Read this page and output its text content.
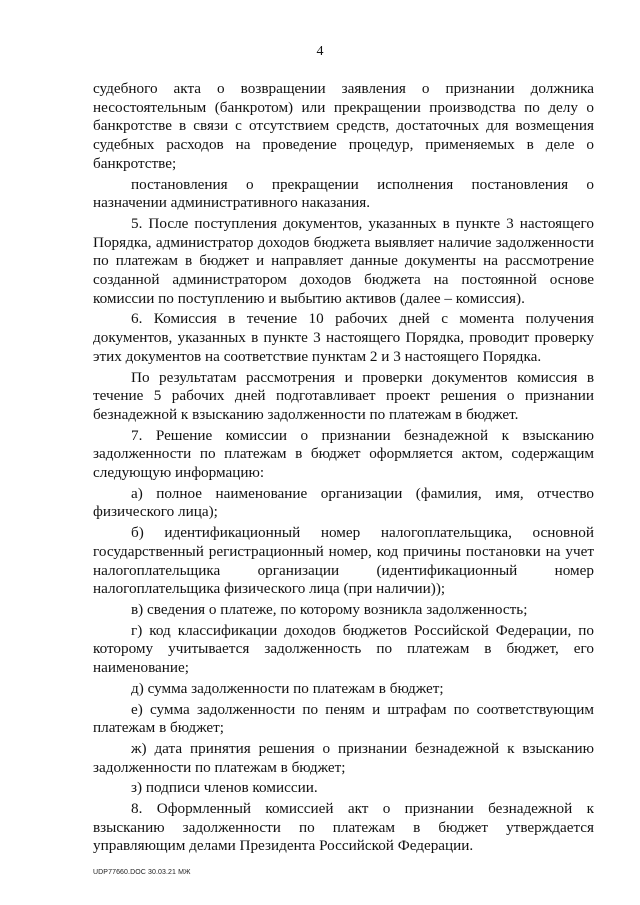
4

судебного акта о возвращении заявления о признании должника несостоятельным (банкротом) или прекращении производства по делу о банкротстве в связи с отсутствием средств, достаточных для возмещения судебных расходов на проведение процедур, применяемых в деле о банкротстве;

постановления о прекращении исполнения постановления о назначении административного наказания.

5. После поступления документов, указанных в пункте 3 настоящего Порядка, администратор доходов бюджета выявляет наличие задолженности по платежам в бюджет и направляет данные документы на рассмотрение созданной администратором доходов бюджета на постоянной основе комиссии по поступлению и выбытию активов (далее – комиссия).

6. Комиссия в течение 10 рабочих дней с момента получения документов, указанных в пункте 3 настоящего Порядка, проводит проверку этих документов на соответствие пунктам 2 и 3 настоящего Порядка.

По результатам рассмотрения и проверки документов комиссия в течение 5 рабочих дней подготавливает проект решения о признании безнадежной к взысканию задолженности по платежам в бюджет.

7. Решение комиссии о признании безнадежной к взысканию задолженности по платежам в бюджет оформляется актом, содержащим следующую информацию:

а) полное наименование организации (фамилия, имя, отчество физического лица);

б) идентификационный номер налогоплательщика, основной государственный регистрационный номер, код причины постановки на учет налогоплательщика организации (идентификационный номер налогоплательщика физического лица (при наличии));

в) сведения о платеже, по которому возникла задолженность;

г) код классификации доходов бюджетов Российской Федерации, по которому учитывается задолженность по платежам в бюджет, его наименование;

д) сумма задолженности по платежам в бюджет;

е) сумма задолженности по пеням и штрафам по соответствующим платежам в бюджет;

ж) дата принятия решения о признании безнадежной к взысканию задолженности по платежам в бюджет;

з) подписи членов комиссии.

8. Оформленный комиссией акт о признании безнадежной к взысканию задолженности по платежам в бюджет утверждается управляющим делами Президента Российской Федерации.

UDP77660.DOC 30.03.21 МЖ
